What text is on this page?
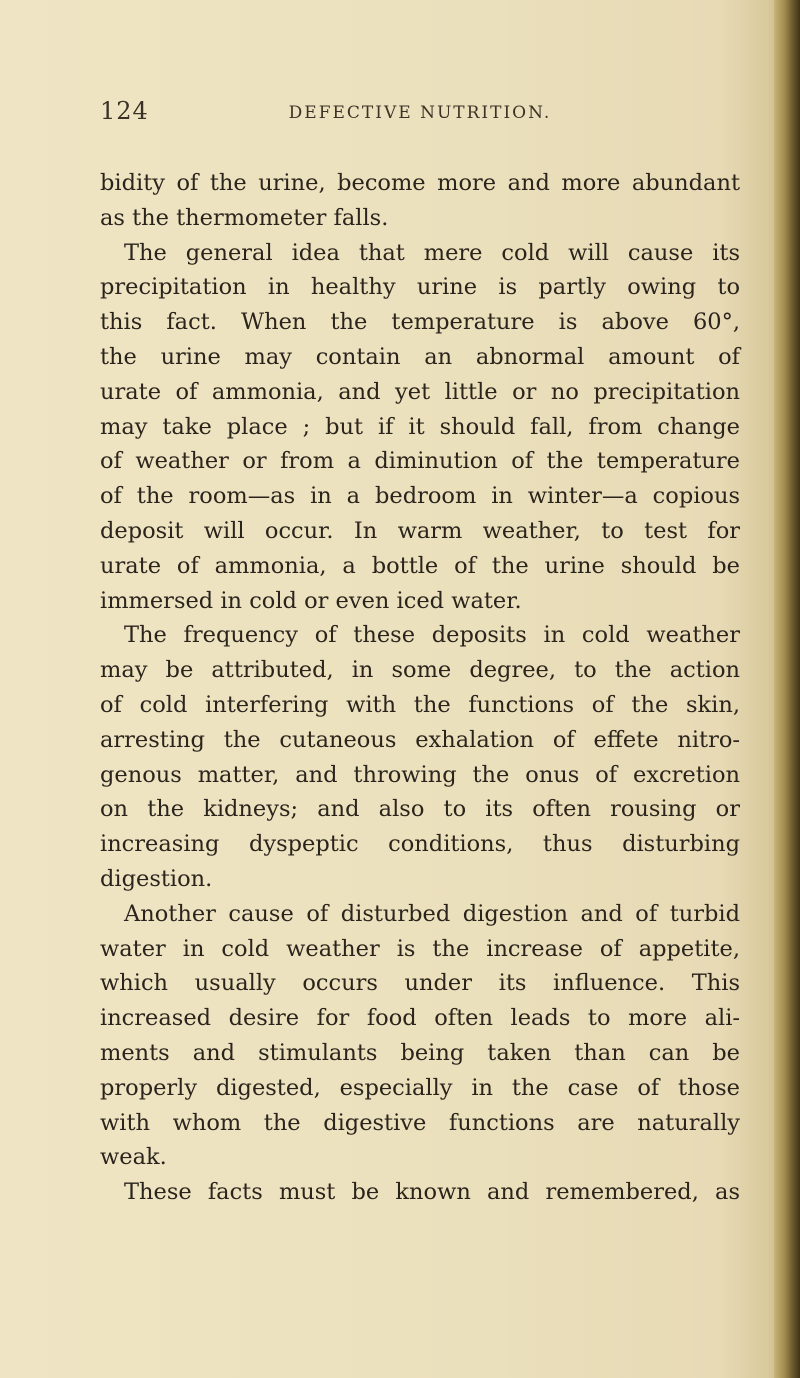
124	DEFECTIVE NUTRITION.
bidity of the urine, become more and more abundant
as the thermometer falls.
The general idea that mere cold will cause its
precipitation in healthy urine is partly owing to
this fact. When the temperature is above 60°,
the urine may contain an abnormal amount of
urate of ammonia, and yet little or no precipitation
may take place ; but if it should fall, from change
of weather or from a diminution of the temperature
of the room—as in a bedroom in winter—a copious
deposit will occur. In warm weather, to test for
urate of ammonia, a bottle of the urine should be
immersed in cold or even iced water.
The frequency of these deposits in cold weather
may be attributed, in some degree, to the action
of cold interfering with the functions of the skin,
arresting the cutaneous exhalation of effete nitro-
genous matter, and throwing the onus of excretion
on the kidneys; and also to its often rousing or
increasing dyspeptic conditions, thus disturbing
digestion.
Another cause of disturbed digestion and of turbid
water in cold weather is the increase of appetite,
which usually occurs under its influence. This
increased desire for food often leads to more ali-
ments and stimulants being taken than can be
properly digested, especially in the case of those
with whom the digestive functions are naturally
weak.
These facts must be known and remembered, as
